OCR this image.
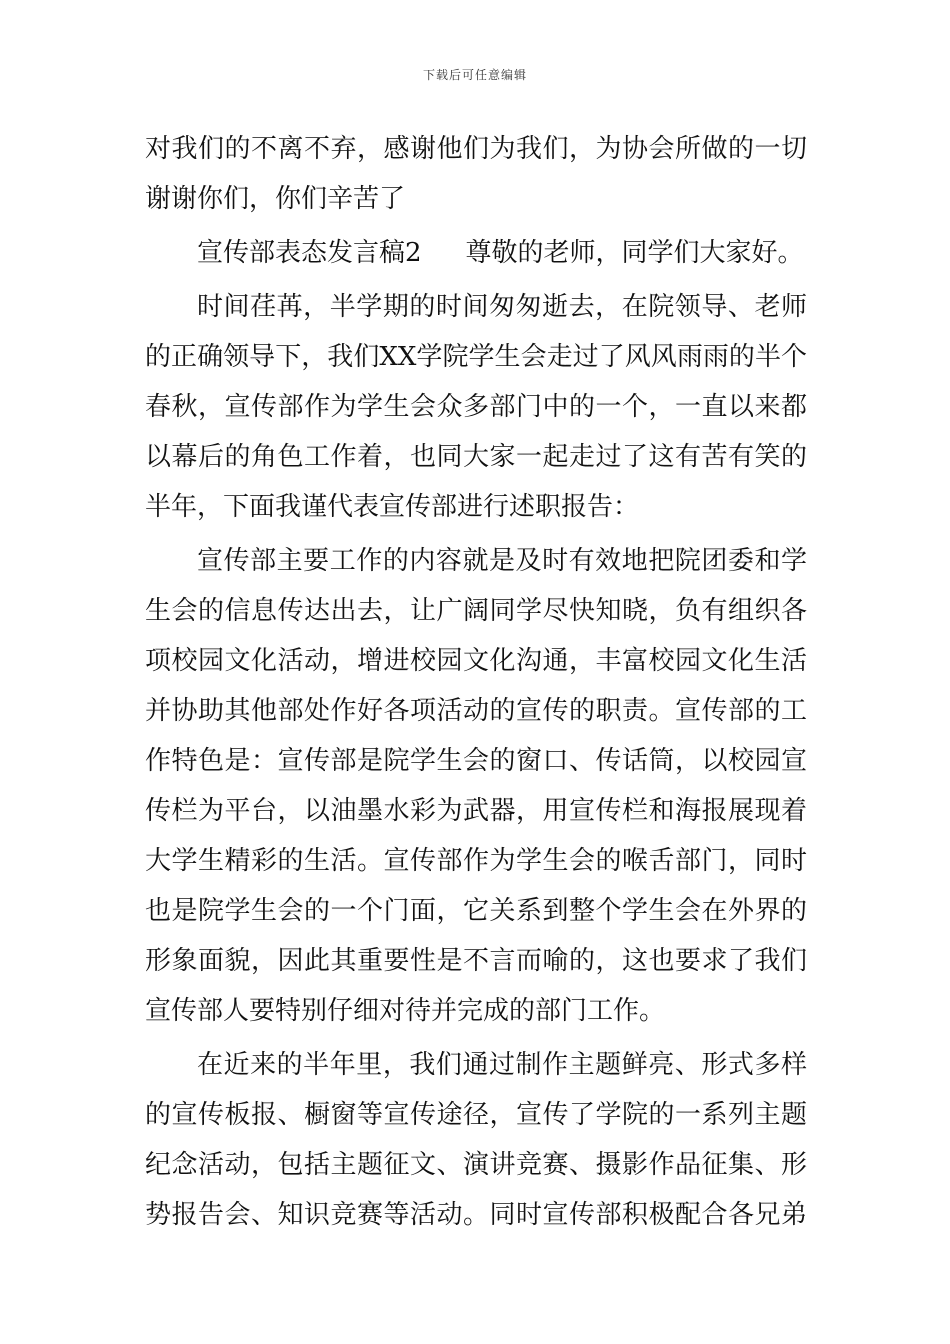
下载后可任意编辑
对我们的不离不弃，感谢他们为我们，为协会所做的一切
谢谢你们，你们辛苦了
宣传部表态发言稿2 尊敬的老师，同学们大家好。
时间荏苒，半学期的时间匆匆逝去，在院领导、老师
的正确领导下，我们XX学院学生会走过了风风雨雨的半个
春秋，宣传部作为学生会众多部门中的一个，一直以来都
以幕后的角色工作着，也同大家一起走过了这有苦有笑的
半年，下面我谨代表宣传部进行述职报告：
宣传部主要工作的内容就是及时有效地把院团委和学
生会的信息传达出去，让广阔同学尽快知晓，负有组织各
项校园文化活动，增进校园文化沟通，丰富校园文化生活
并协助其他部处作好各项活动的宣传的职责。宣传部的工
作特色是：宣传部是院学生会的窗口、传话筒，以校园宣
传栏为平台，以油墨水彩为武器，用宣传栏和海报展现着
大学生精彩的生活。宣传部作为学生会的喉舌部门，同时
也是院学生会的一个门面，它关系到整个学生会在外界的
形象面貌，因此其重要性是不言而喻的，这也要求了我们
宣传部人要特别仔细对待并完成的部门工作。
在近来的半年里，我们通过制作主题鲜亮、形式多样
的宣传板报、橱窗等宣传途径，宣传了学院的一系列主题
纪念活动，包括主题征文、演讲竞赛、摄影作品征集、形
势报告会、知识竞赛等活动。同时宣传部积极配合各兄弟
